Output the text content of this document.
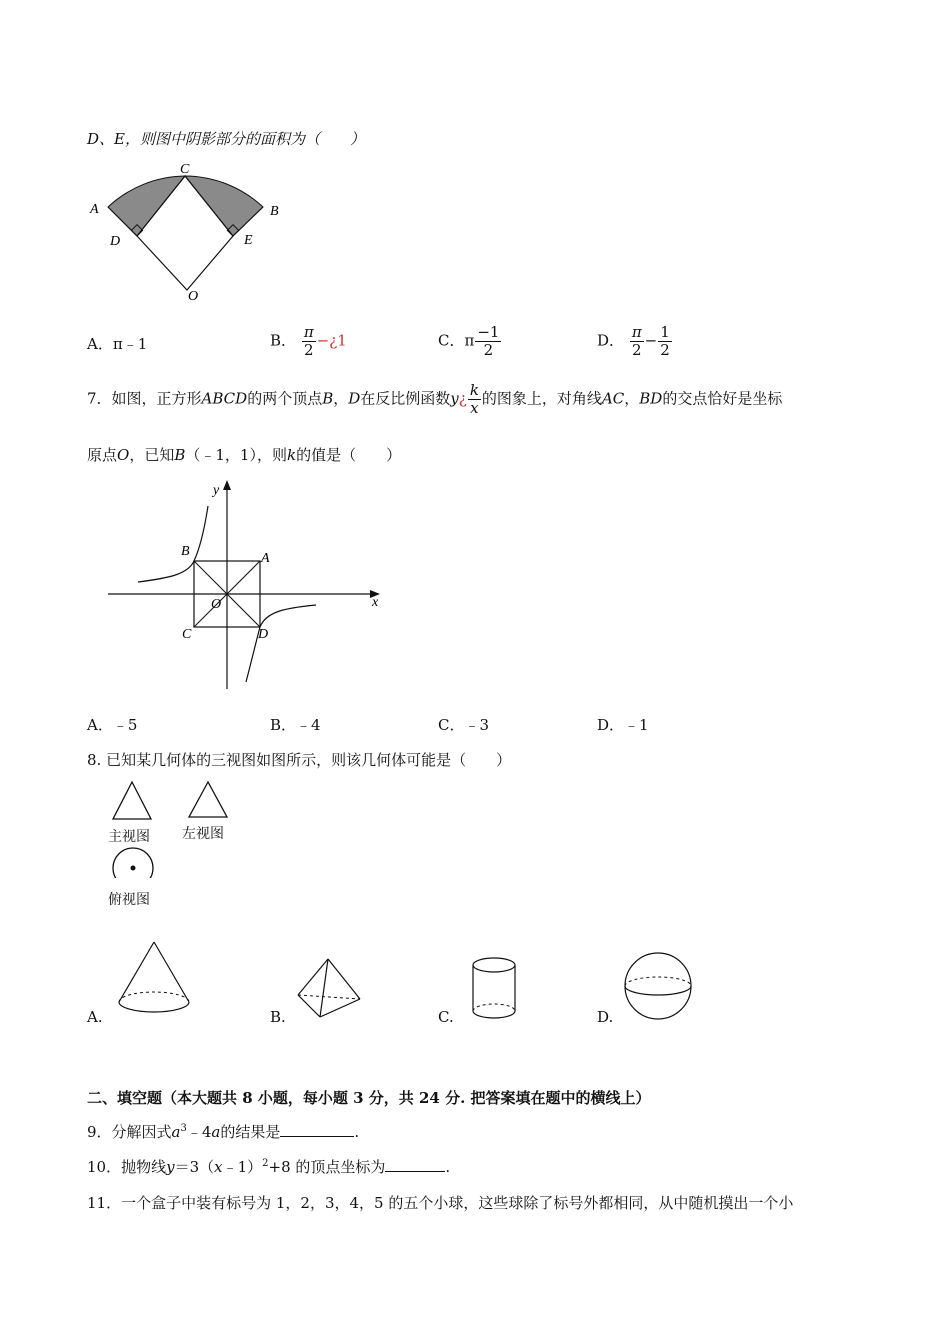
D、E，则图中阴影部分的面积为（　　）
C
A	B
D	E
O
A．π﹣1	B． $\frac{\pi}{2}$ −¿1	C．π $\frac{-1}{2}$	D． $\frac{\pi}{2} - \frac{1}{2}$
7．如图，正方形ABCD的两个顶点B，D在反比例函数y¿ $\frac{k}{x}$ 的图象上，对角线AC，BD的交点恰好是坐标
原点O，已知B（﹣1，1），则k的值是（　　）
y
x
B	A
O
C	D
A．﹣5	B．﹣4	C．﹣3	D．﹣1
8. 已知某几何体的三视图如图所示，则该几何体可能是（　　）
主视图 左视图
俯视图
A.	B.	C.	D.
二、填空题（本大题共 8 小题，每小题 3 分，共 24 分. 把答案填在题中的横线上）
9．分解因式$a^3﹣4a$的结果是	.
10．抛物线y＝3（x﹣1）$^2$+8 的顶点坐标为	.
11．一个盒子中装有标号为 1，2，3，4，5 的五个小球，这些球除了标号外都相同，从中随机摸出一个小
